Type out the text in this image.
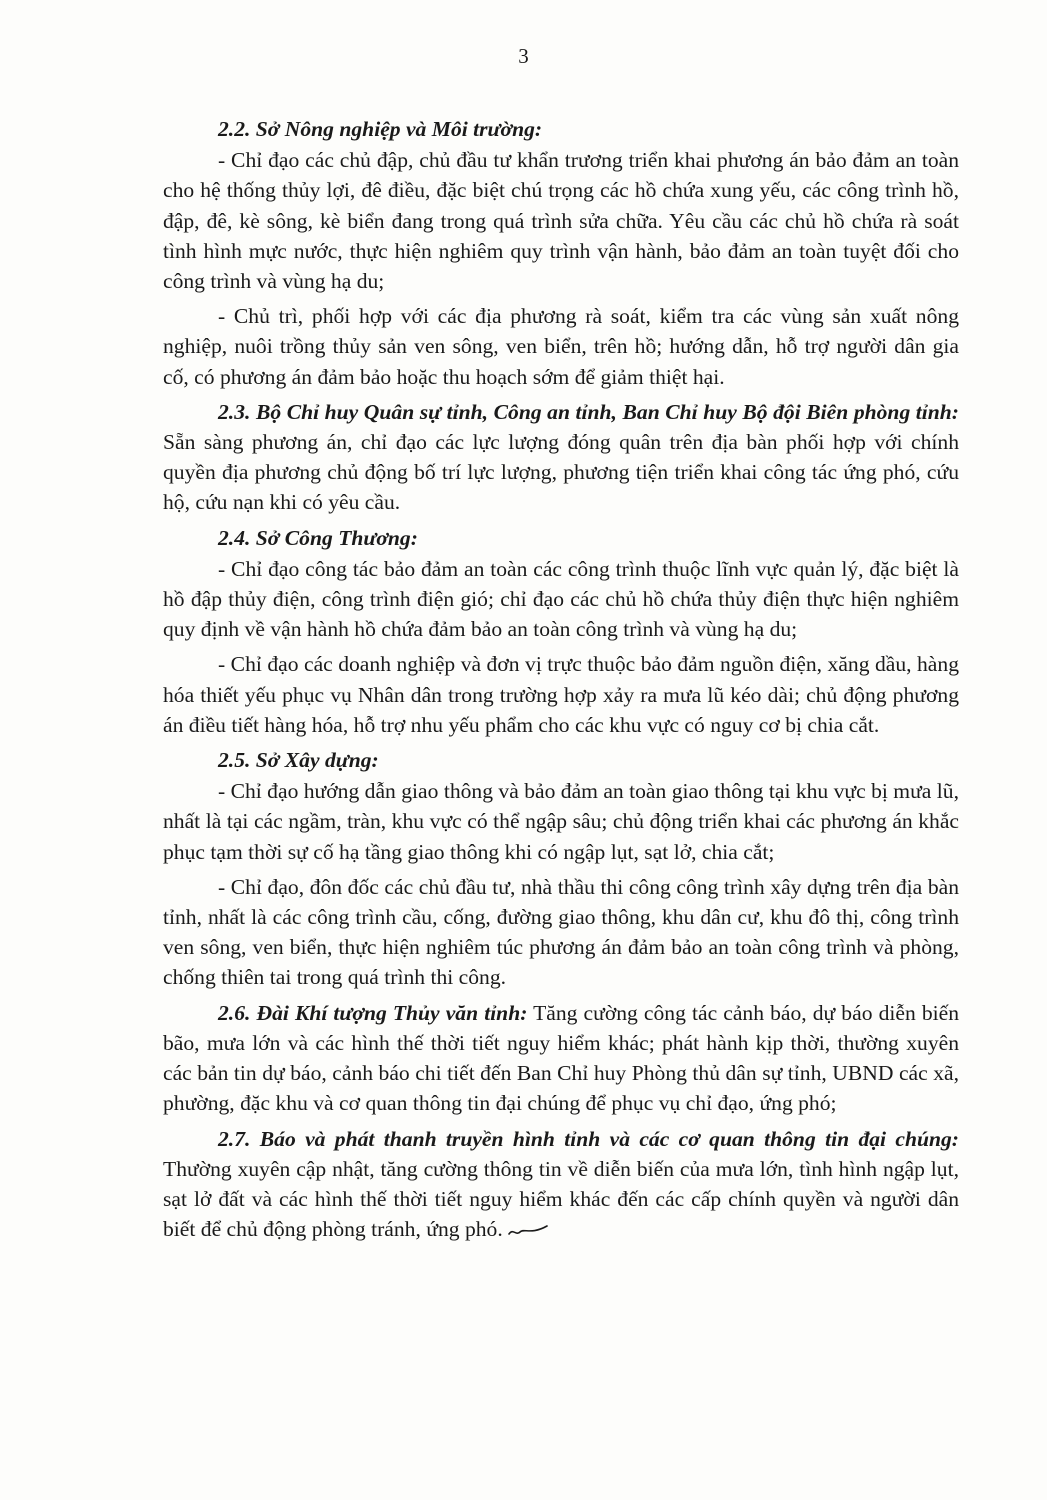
3

2.2. Sở Nông nghiệp và Môi trường:

- Chỉ đạo các chủ đập, chủ đầu tư khẩn trương triển khai phương án bảo đảm an toàn cho hệ thống thủy lợi, đê điều, đặc biệt chú trọng các hồ chứa xung yếu, các công trình hồ, đập, đê, kè sông, kè biển đang trong quá trình sửa chữa. Yêu cầu các chủ hồ chứa rà soát tình hình mực nước, thực hiện nghiêm quy trình vận hành, bảo đảm an toàn tuyệt đối cho công trình và vùng hạ du;

- Chủ trì, phối hợp với các địa phương rà soát, kiểm tra các vùng sản xuất nông nghiệp, nuôi trồng thủy sản ven sông, ven biển, trên hồ; hướng dẫn, hỗ trợ người dân gia cố, có phương án đảm bảo hoặc thu hoạch sớm để giảm thiệt hại.

2.3. Bộ Chỉ huy Quân sự tỉnh, Công an tỉnh, Ban Chỉ huy Bộ đội Biên phòng tỉnh: Sẵn sàng phương án, chỉ đạo các lực lượng đóng quân trên địa bàn phối hợp với chính quyền địa phương chủ động bố trí lực lượng, phương tiện triển khai công tác ứng phó, cứu hộ, cứu nạn khi có yêu cầu.

2.4. Sở Công Thương:

- Chỉ đạo công tác bảo đảm an toàn các công trình thuộc lĩnh vực quản lý, đặc biệt là hồ đập thủy điện, công trình điện gió; chỉ đạo các chủ hồ chứa thủy điện thực hiện nghiêm quy định về vận hành hồ chứa đảm bảo an toàn công trình và vùng hạ du;

- Chỉ đạo các doanh nghiệp và đơn vị trực thuộc bảo đảm nguồn điện, xăng dầu, hàng hóa thiết yếu phục vụ Nhân dân trong trường hợp xảy ra mưa lũ kéo dài; chủ động phương án điều tiết hàng hóa, hỗ trợ nhu yếu phẩm cho các khu vực có nguy cơ bị chia cắt.

2.5. Sở Xây dựng:

- Chỉ đạo hướng dẫn giao thông và bảo đảm an toàn giao thông tại khu vực bị mưa lũ, nhất là tại các ngầm, tràn, khu vực có thể ngập sâu; chủ động triển khai các phương án khắc phục tạm thời sự cố hạ tầng giao thông khi có ngập lụt, sạt lở, chia cắt;

- Chỉ đạo, đôn đốc các chủ đầu tư, nhà thầu thi công công trình xây dựng trên địa bàn tỉnh, nhất là các công trình cầu, cống, đường giao thông, khu dân cư, khu đô thị, công trình ven sông, ven biển, thực hiện nghiêm túc phương án đảm bảo an toàn công trình và phòng, chống thiên tai trong quá trình thi công.

2.6. Đài Khí tượng Thủy văn tỉnh: Tăng cường công tác cảnh báo, dự báo diễn biến bão, mưa lớn và các hình thế thời tiết nguy hiểm khác; phát hành kịp thời, thường xuyên các bản tin dự báo, cảnh báo chi tiết đến Ban Chỉ huy Phòng thủ dân sự tỉnh, UBND các xã, phường, đặc khu và cơ quan thông tin đại chúng để phục vụ chỉ đạo, ứng phó;

2.7. Báo và phát thanh truyền hình tỉnh và các cơ quan thông tin đại chúng: Thường xuyên cập nhật, tăng cường thông tin về diễn biến của mưa lớn, tình hình ngập lụt, sạt lở đất và các hình thế thời tiết nguy hiểm khác đến các cấp chính quyền và người dân biết để chủ động phòng tránh, ứng phó.
